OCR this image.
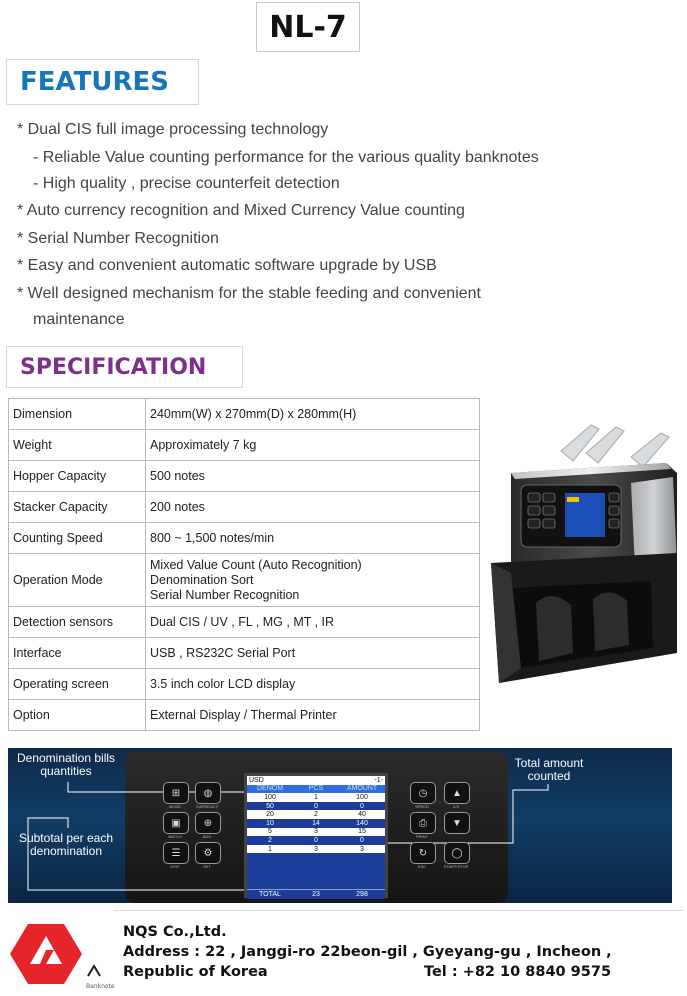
NL-7
FEATURES
* Dual CIS full image processing technology
- Reliable Value counting performance for the various quality banknotes
- High quality , precise counterfeit detection
* Auto currency recognition and Mixed Currency Value counting
* Serial Number Recognition
* Easy and convenient automatic software upgrade by USB
* Well designed mechanism for the stable feeding and convenient
maintenance
SPECIFICATION
Dimension	240mm(W) x 270mm(D) x 280mm(H)

Weight	Approximately 7 kg

Hopper Capacity	500 notes

Stacker Capacity	200 notes

Counting Speed	800 ~ 1,500 notes/min

Operation Mode	Mixed Value Count (Auto Recognition)
Denomination Sort
Serial Number Recognition

Detection sensors	Dual CIS / UV , FL , MG , MT , IR

Interface	USB , RS232C Serial Port

Operating screen	3.5 inch color LCD display

Option	External Display / Thermal Printer
Denomination bills quantities
Subtotal per each denomination
Total amount counted
⊞
MODE
◍
CURRENCY
▣
BATCH
⊕
ADD
☰
DISP
⚙
SET
USD	-1-
DENOM	PCS	AMOUNT
100	1	100
50	0	0
20	2	40
10	14	140
5	3	15
2	0	0
1	3	3
TOTAL	23	298
◷
SPEED
▲
C/S
⎙
PRINT
▼
↻
ESC
◯
START/STOP
Banknote
NQS Co.,Ltd.
Address : 22 , Janggi-ro 22beon-gil , Gyeyang-gu , Incheon ,
Republic of Korea	Tel : +82 10 8840 9575
